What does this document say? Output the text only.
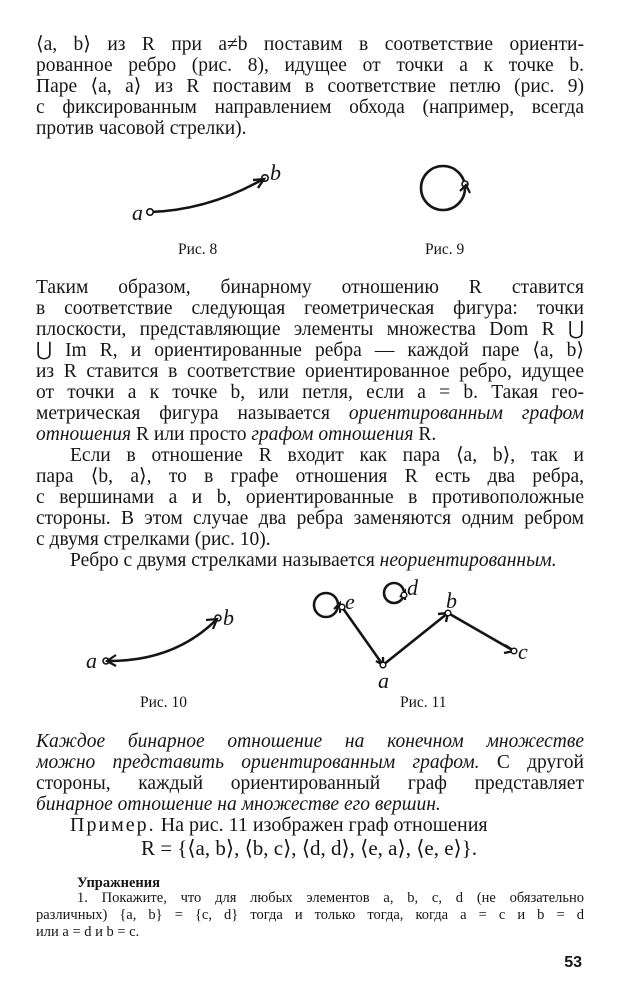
⟨a, b⟩ из R при a≠b поставим в соответствие ориенти-
рованное ребро (рис. 8), идущее от точки a к точке b.
Паре ⟨a, a⟩ из R поставим в соответствие петлю (рис. 9)
с фиксированным направлением обхода (например, всегда
против часовой стрелки).
a
b
Рис. 8	Рис. 9
Таким образом, бинарному отношению R ставится
в соответствие следующая геометрическая фигура: точки
плоскости, представляющие элементы множества Dom R ⋃
⋃ Im R, и ориентированные ребра — каждой паре ⟨a, b⟩
из R ставится в соответствие ориентированное ребро, идущее
от точки a к точке b, или петля, если a = b. Такая гео-
метрическая фигура называется ориентированным графом
отношения R или просто графом отношения R.
Если в отношение R входит как пара ⟨a, b⟩, так и
пара ⟨b, a⟩, то в графе отношения R есть два ребра,
с вершинами a и b, ориентированные в противоположные
стороны. В этом случае два ребра заменяются одним ребром
с двумя стрелками (рис. 10).
Ребро с двумя стрелками называется неориентированным.
a
b
Рис. 10
e
d
b
a
c
Рис. 11
Каждое бинарное отношение на конечном множестве
можно представить ориентированным графом. С другой
стороны, каждый ориентированный граф представляет
бинарное отношение на множестве его вершин.
Пример. На рис. 11 изображен граф отношения
R = {⟨a, b⟩, ⟨b, c⟩, ⟨d, d⟩, ⟨e, a⟩, ⟨e, e⟩}.
Упражнения
1. Покажите, что для любых элементов a, b, c, d (не обязательно
различных) {a, b} = {c, d} тогда и только тогда, когда a = c и b = d
или a = d и b = c.
53
